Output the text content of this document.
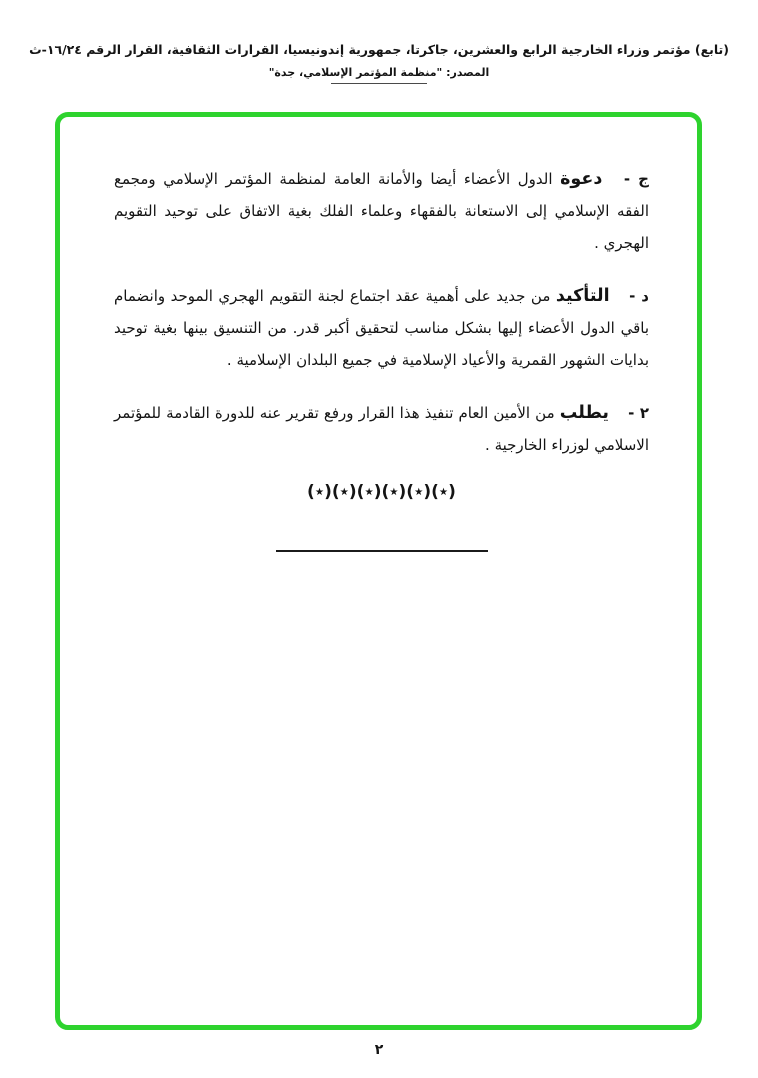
(تابع) مؤتمر وزراء الخارجية الرابع والعشرين، جاكرتا، جمهورية إندونيسيا، القرارات الثقافية، القرار الرقم ١٦/٢٤-ث
المصدر: "منظمة المؤتمر الإسلامي، جدة"

ج - دعوة الدول الأعضاء أيضا والأمانة العامة لمنظمة المؤتمر الإسلامي ومجمع الفقه الإسلامي إلى الاستعانة بالفقهاء وعلماء الفلك بغية الاتفاق على توحيد التقويم الهجري .

د - التأكيد من جديد على أهمية عقد اجتماع لجنة التقويم الهجري الموحد وانضمام باقي الدول الأعضاء إليها بشكل مناسب لتحقيق أكبر قدر. من التنسيق بينها بغية توحيد بدايات الشهور القمرية والأعياد الإسلامية في جميع البلدان الإسلامية .

٢ - يطلب من الأمين العام تنفيذ هذا القرار ورفع تقرير عنه للدورة القادمة للمؤتمر الاسلامي لوزراء الخارجية .

(٭)(٭)(٭)(٭)(٭)(٭)
٢
